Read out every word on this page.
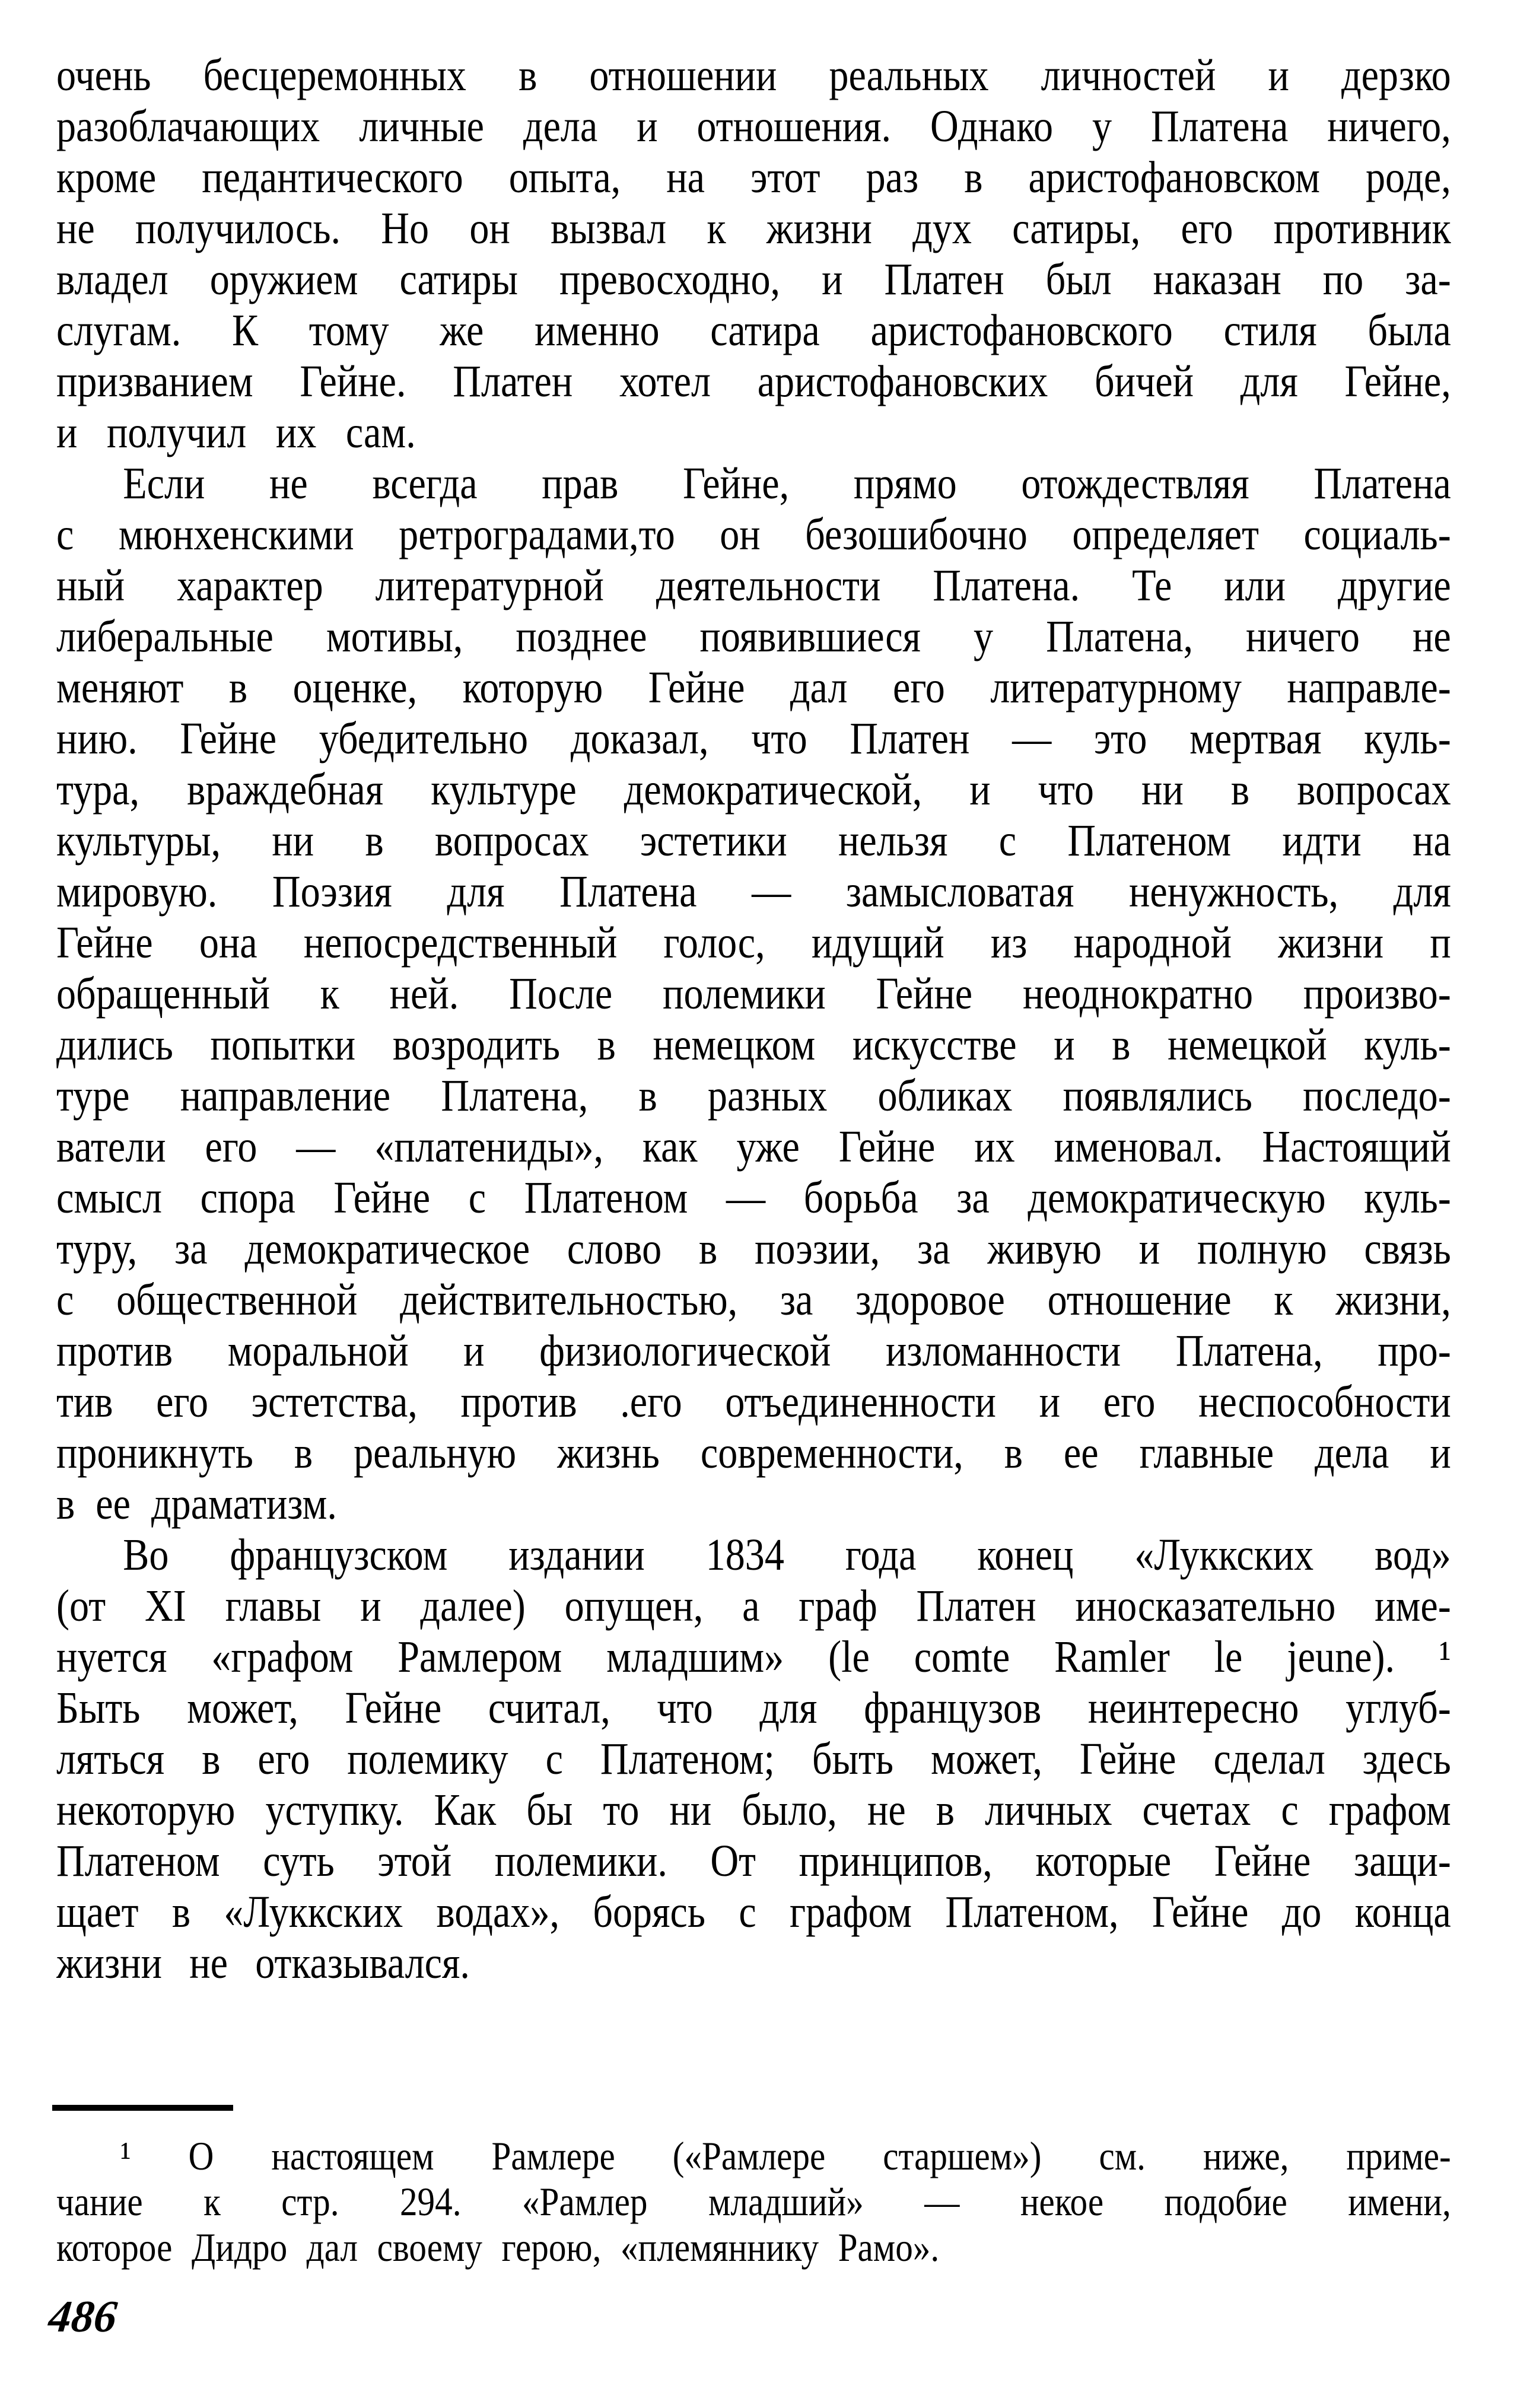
очень бесцеремонных в отношении реальных личностей и дерзко
разоблачающих личные дела и отношения. Однако у Платена ничего,
кроме педантического опыта, на этот раз в аристофановском роде,
не получилось. Но он вызвал к жизни дух сатиры, его противник
владел оружием сатиры превосходно, и Платен был наказан по за-
слугам. К тому же именно сатира аристофановского стиля была
призванием Гейне. Платен хотел аристофановских бичей для Гейне,
и получил их сам.
Если не всегда прав Гейне, прямо отождествляя Платена
с мюнхенскими ретроградами,то он безошибочно определяет социаль-
ный характер литературной деятельности Платена. Те или другие
либеральные мотивы, позднее появившиеся у Платена, ничего не
меняют в оценке, которую Гейне дал его литературному направле-
нию. Гейне убедительно доказал, что Платен — это мертвая куль-
тура, враждебная культуре демократической, и что ни в вопросах
культуры, ни в вопросах эстетики нельзя с Платеном идти на
мировую. Поэзия для Платена — замысловатая ненужность, для
Гейне она непосредственный голос, идущий из народной жизни п
обращенный к ней. После полемики Гейне неоднократно произво-
дились попытки возродить в немецком искусстве и в немецкой куль-
туре направление Платена, в разных обликах появлялись последо-
ватели его — «платениды», как уже Гейне их именовал. Настоящий
смысл спора Гейне с Платеном — борьба за демократическую куль-
туру, за демократическое слово в поэзии, за живую и полную связь
с общественной действительностью, за здоровое отношение к жизни,
против моральной и физиологической изломанности Платена, про-
тив его эстетства, против .его отъединенности и его неспособности
проникнуть в реальную жизнь современности, в ее главные дела и
в ее драматизм.
Во французском издании 1834 года конец «Луккских вод»
(от XI главы и далее) опущен, а граф Платен иносказательно име-
нуется «графом Рамлером младшим» (le comte Ramler le jeune). ¹
Быть может, Гейне считал, что для французов неинтересно углуб-
ляться в его полемику с Платеном; быть может, Гейне сделал здесь
некоторую уступку. Как бы то ни было, не в личных счетах с графом
Платеном суть этой полемики. От принципов, которые Гейне защи-
щает в «Луккских водах», борясь с графом Платеном, Гейне до конца
жизни не отказывался.
¹ О настоящем Рамлере («Рамлере старшем») см. ниже, приме-
чание к стр. 294. «Рамлер младший» — некое подобие имени,
которое Дидро дал своему герою, «племяннику Рамо».
486
